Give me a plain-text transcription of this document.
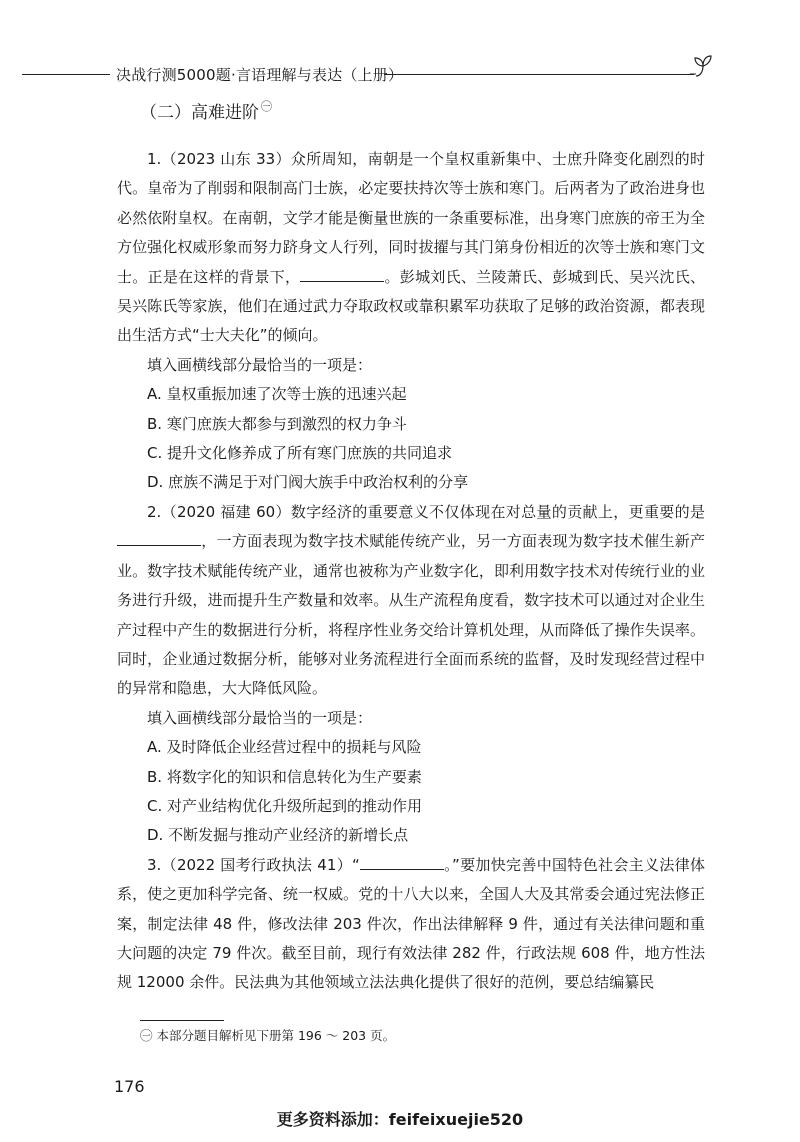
决战行测5000题·言语理解与表达（上册）
（二）高难进阶 $^㊀$

1.（2023 山东 33）众所周知，南朝是一个皇权重新集中、士庶升降变化剧烈的时代。皇帝为了削弱和限制高门士族，必定要扶持次等士族和寒门。后两者为了政治进身也必然依附皇权。在南朝，文学才能是衡量世族的一条重要标准，出身寒门庶族的帝王为全方位强化权威形象而努力跻身文人行列，同时拔擢与其门第身份相近的次等士族和寒门文士。正是在这样的背景下，	。彭城刘氏、兰陵萧氏、彭城到氏、吴兴沈氏、吴兴陈氏等家族，他们在通过武力夺取政权或靠积累军功获取了足够的政治资源，都表现出生活方式“士大夫化”的倾向。

填入画横线部分最恰当的一项是：

A. 皇权重振加速了次等士族的迅速兴起

B. 寒门庶族大都参与到激烈的权力争斗

C. 提升文化修养成了所有寒门庶族的共同追求

D. 庶族不满足于对门阀大族手中政治权利的分享

2.（2020 福建 60）数字经济的重要意义不仅体现在对总量的贡献上，更重要的是，一方面表现为数字技术赋能传统产业，另一方面表现为数字技术催生新产业。数字技术赋能传统产业，通常也被称为产业数字化，即利用数字技术对传统行业的业务进行升级，进而提升生产数量和效率。从生产流程角度看，数字技术可以通过对企业生产过程中产生的数据进行分析，将程序性业务交给计算机处理，从而降低了操作失误率。同时，企业通过数据分析，能够对业务流程进行全面而系统的监督，及时发现经营过程中的异常和隐患，大大降低风险。

填入画横线部分最恰当的一项是：

A. 及时降低企业经营过程中的损耗与风险

B. 将数字化的知识和信息转化为生产要素

C. 对产业结构优化升级所起到的推动作用

D. 不断发掘与推动产业经济的新增长点

3.（2022 国考行政执法 41）“	。”要加快完善中国特色社会主义法律体系，使之更加科学完备、统一权威。党的十八大以来，全国人大及其常委会通过宪法修正案，制定法律 48 件，修改法律 203 件次，作出法律解释 9 件，通过有关法律问题和重大问题的决定 79 件次。截至目前，现行有效法律 282 件，行政法规 608 件，地方性法规 12000 余件。民法典为其他领域立法法典化提供了很好的范例，要总结编纂民

㊀ 本部分题目解析见下册第 196 ～ 203 页。
176
更多资料添加：feifeixuejie520
